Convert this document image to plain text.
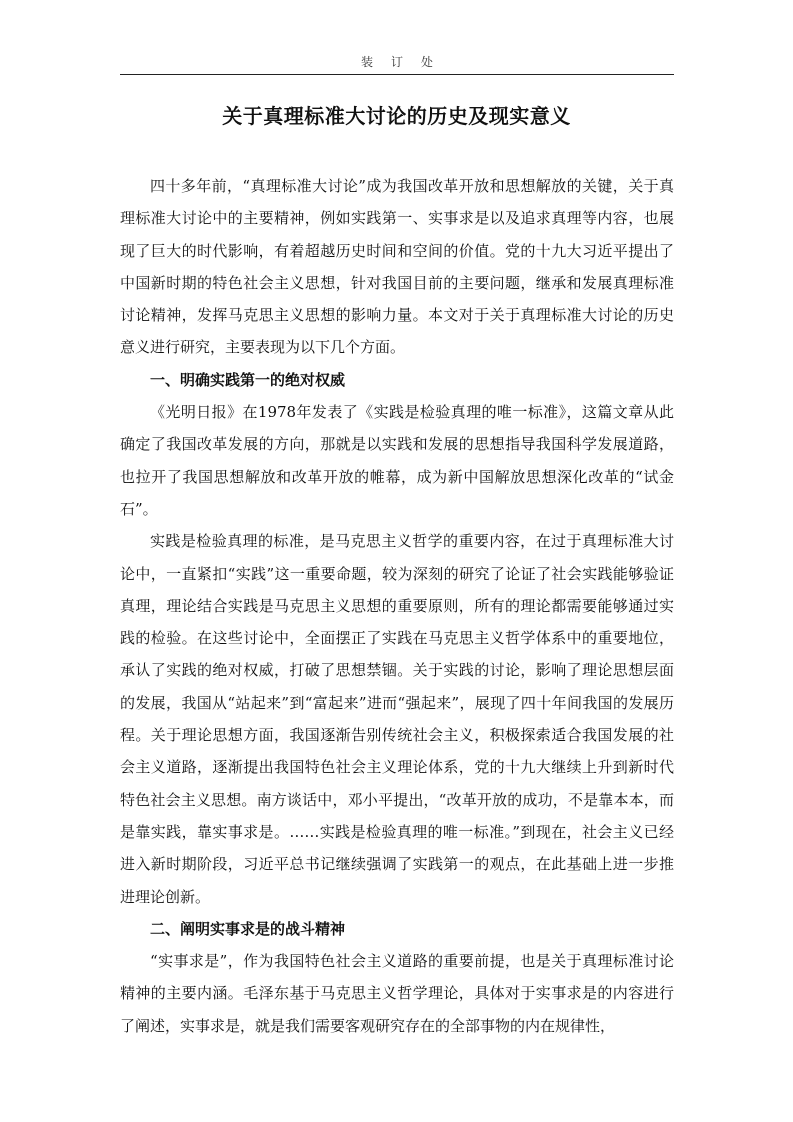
装订处
关于真理标准大讨论的历史及现实意义

四十多年前，“真理标准大讨论”成为我国改革开放和思想解放的关键，关于真理标准大讨论中的主要精神，例如实践第一、实事求是以及追求真理等内容，也展现了巨大的时代影响，有着超越历史时间和空间的价值。党的十九大习近平提出了中国新时期的特色社会主义思想，针对我国目前的主要问题，继承和发展真理标准讨论精神，发挥马克思主义思想的影响力量。本文对于关于真理标准大讨论的历史意义进行研究，主要表现为以下几个方面。

一、明确实践第一的绝对权威

《光明日报》在1978年发表了《实践是检验真理的唯一标准》，这篇文章从此确定了我国改革发展的方向，那就是以实践和发展的思想指导我国科学发展道路，也拉开了我国思想解放和改革开放的帷幕，成为新中国解放思想深化改革的“试金石”。

实践是检验真理的标准，是马克思主义哲学的重要内容，在过于真理标准大讨论中，一直紧扣“实践”这一重要命题，较为深刻的研究了论证了社会实践能够验证真理，理论结合实践是马克思主义思想的重要原则，所有的理论都需要能够通过实践的检验。在这些讨论中，全面摆正了实践在马克思主义哲学体系中的重要地位，承认了实践的绝对权威，打破了思想禁锢。关于实践的讨论，影响了理论思想层面的发展，我国从“站起来”到“富起来”进而“强起来”，展现了四十年间我国的发展历程。关于理论思想方面，我国逐渐告别传统社会主义，积极探索适合我国发展的社会主义道路，逐渐提出我国特色社会主义理论体系，党的十九大继续上升到新时代特色社会主义思想。南方谈话中，邓小平提出，“改革开放的成功，不是靠本本，而是靠实践，靠实事求是。……实践是检验真理的唯一标准。”到现在，社会主义已经进入新时期阶段，习近平总书记继续强调了实践第一的观点，在此基础上进一步推进理论创新。

二、阐明实事求是的战斗精神

“实事求是”，作为我国特色社会主义道路的重要前提，也是关于真理标准讨论精神的主要内涵。毛泽东基于马克思主义哲学理论，具体对于实事求是的内容进行了阐述，实事求是，就是我们需要客观研究存在的全部事物的内在规律性，
